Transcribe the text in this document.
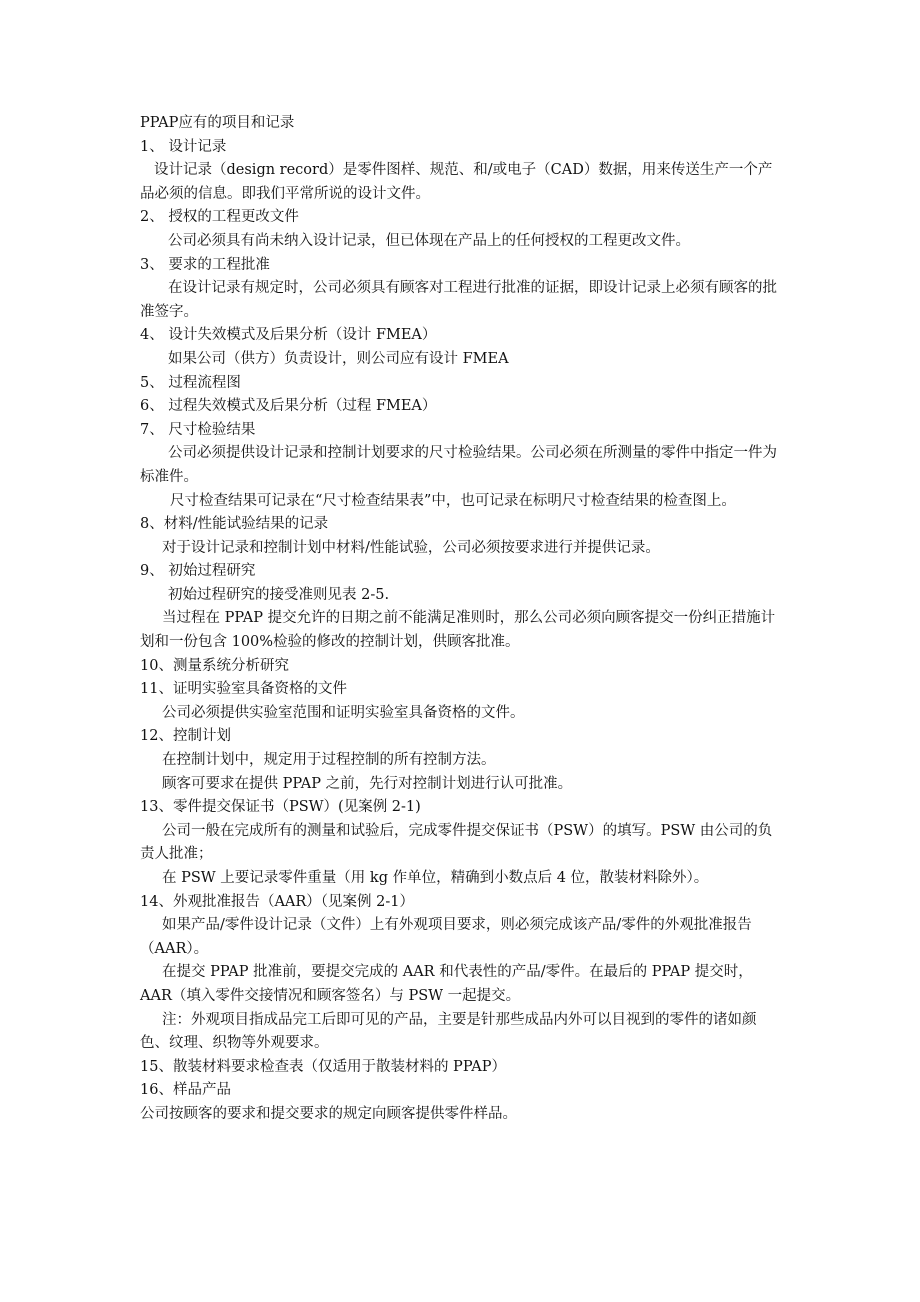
PPAP应有的项目和记录
1、 设计记录
设计记录（design record）是零件图样、规范、和/或电子（CAD）数据，用来传送生产一个产品必须的信息。即我们平常所说的设计文件。
2、 授权的工程更改文件
公司必须具有尚未纳入设计记录，但已体现在产品上的任何授权的工程更改文件。
3、 要求的工程批准
在设计记录有规定时，公司必须具有顾客对工程进行批准的证据，即设计记录上必须有顾客的批准签字。
4、 设计失效模式及后果分析（设计 FMEA）
如果公司（供方）负责设计，则公司应有设计 FMEA
5、 过程流程图
6、 过程失效模式及后果分析（过程 FMEA）
7、 尺寸检验结果
公司必须提供设计记录和控制计划要求的尺寸检验结果。公司必须在所测量的零件中指定一件为标准件。
尺寸检查结果可记录在“尺寸检查结果表”中，也可记录在标明尺寸检查结果的检查图上。
8、材料/性能试验结果的记录
对于设计记录和控制计划中材料/性能试验，公司必须按要求进行并提供记录。
9、 初始过程研究
初始过程研究的接受准则见表 2-5.
当过程在 PPAP 提交允许的日期之前不能满足准则时，那么公司必须向顾客提交一份纠正措施计划和一份包含 100%检验的修改的控制计划，供顾客批准。
10、测量系统分析研究
11、证明实验室具备资格的文件
公司必须提供实验室范围和证明实验室具备资格的文件。
12、控制计划
在控制计划中，规定用于过程控制的所有控制方法。
顾客可要求在提供 PPAP 之前，先行对控制计划进行认可批准。
13、零件提交保证书（PSW）(见案例 2-1)
公司一般在完成所有的测量和试验后，完成零件提交保证书（PSW）的填写。PSW 由公司的负责人批准；
在 PSW 上要记录零件重量（用 kg 作单位，精确到小数点后 4 位，散装材料除外）。
14、外观批准报告（AAR）（见案例 2-1）
如果产品/零件设计记录（文件）上有外观项目要求，则必须完成该产品/零件的外观批准报告（AAR）。
在提交 PPAP 批准前，要提交完成的 AAR 和代表性的产品/零件。在最后的 PPAP 提交时，AAR（填入零件交接情况和顾客签名）与 PSW 一起提交。
注：外观项目指成品完工后即可见的产品，主要是针那些成品内外可以目视到的零件的诸如颜色、纹理、织物等外观要求。
15、散装材料要求检查表（仅适用于散装材料的 PPAP）
16、样品产品
公司按顾客的要求和提交要求的规定向顾客提供零件样品。
